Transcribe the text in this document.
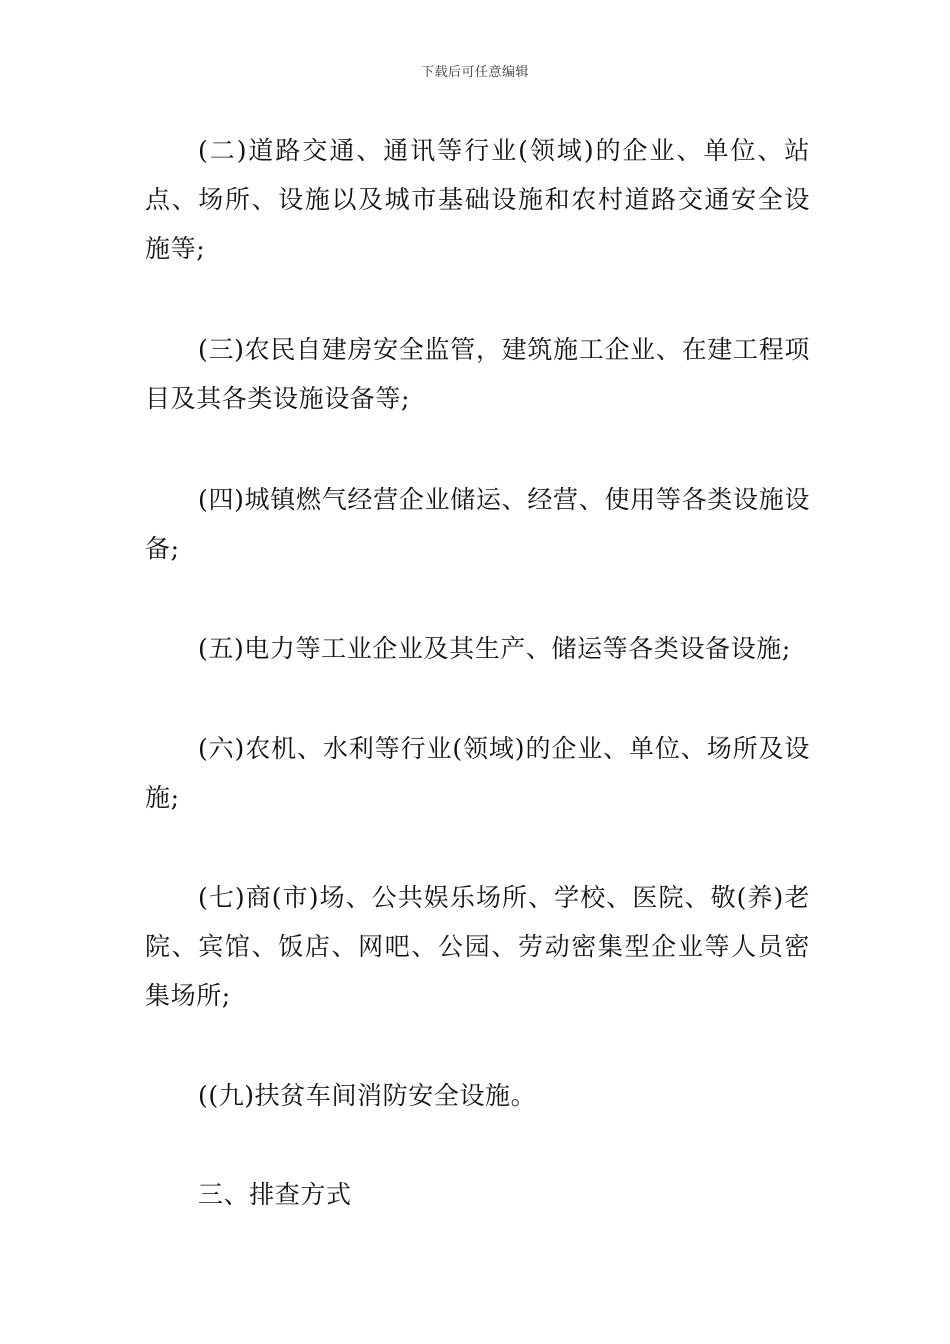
下载后可任意编辑

(二)道路交通、通讯等行业(领域)的企业、单位、站点、场所、设施以及城市基础设施和农村道路交通安全设施等;

(三)农民自建房安全监管，建筑施工企业、在建工程项目及其各类设施设备等;

(四)城镇燃气经营企业储运、经营、使用等各类设施设备;

(五)电力等工业企业及其生产、储运等各类设备设施;

(六)农机、水利等行业(领域)的企业、单位、场所及设施;

(七)商(市)场、公共娱乐场所、学校、医院、敬(养)老院、宾馆、饭店、网吧、公园、劳动密集型企业等人员密集场所;

((九)扶贫车间消防安全设施。

三、排查方式
